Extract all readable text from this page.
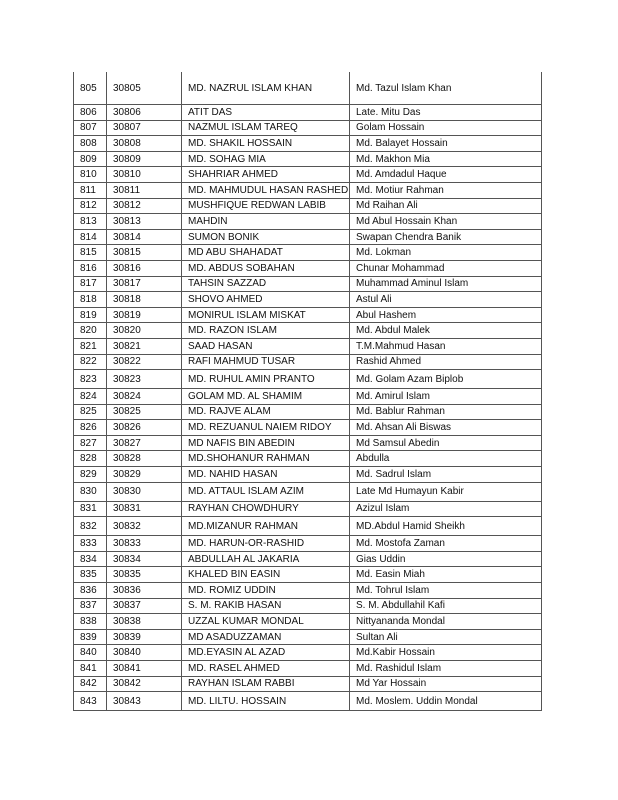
805	30805	MD. NAZRUL ISLAM KHAN	Md. Tazul Islam Khan
806	30806	ATIT DAS	Late. Mitu Das
807	30807	NAZMUL ISLAM TAREQ	Golam Hossain
808	30808	MD. SHAKIL HOSSAIN	Md. Balayet Hossain
809	30809	MD. SOHAG MIA	Md. Makhon Mia
810	30810	SHAHRIAR AHMED	Md. Amdadul Haque
811	30811	MD. MAHMUDUL HASAN RASHED	Md. Motiur Rahman
812	30812	MUSHFIQUE REDWAN LABIB	Md Raihan Ali
813	30813	MAHDIN	Md Abul Hossain Khan
814	30814	SUMON BONIK	Swapan Chendra Banik
815	30815	MD ABU SHAHADAT	Md. Lokman
816	30816	MD. ABDUS SOBAHAN	Chunar Mohammad
817	30817	TAHSIN SAZZAD	Muhammad Aminul Islam
818	30818	SHOVO AHMED	Astul Ali
819	30819	MONIRUL ISLAM MISKAT	Abul Hashem
820	30820	MD. RAZON ISLAM	Md. Abdul Malek
821	30821	SAAD HASAN	T.M.Mahmud Hasan
822	30822	RAFI MAHMUD TUSAR	Rashid Ahmed
823	30823	MD. RUHUL AMIN PRANTO	Md. Golam Azam Biplob
824	30824	GOLAM MD. AL SHAMIM	Md. Amirul Islam
825	30825	MD. RAJVE ALAM	Md. Bablur Rahman
826	30826	MD. REZUANUL NAIEM RIDOY	Md. Ahsan Ali Biswas
827	30827	MD NAFIS BIN ABEDIN	Md Samsul Abedin
828	30828	MD.SHOHANUR RAHMAN	Abdulla
829	30829	MD. NAHID HASAN	Md. Sadrul Islam
830	30830	MD. ATTAUL ISLAM AZIM	Late Md Humayun Kabir
831	30831	RAYHAN CHOWDHURY	Azizul Islam
832	30832	MD.MIZANUR RAHMAN	MD.Abdul Hamid Sheikh
833	30833	MD. HARUN-OR-RASHID	Md. Mostofa Zaman
834	30834	ABDULLAH AL JAKARIA	Gias Uddin
835	30835	KHALED BIN EASIN	Md. Easin Miah
836	30836	MD. ROMIZ UDDIN	Md. Tohrul Islam
837	30837	S. M. RAKIB HASAN	S. M. Abdullahil Kafi
838	30838	UZZAL KUMAR MONDAL	Nittyananda Mondal
839	30839	MD ASADUZZAMAN	Sultan Ali
840	30840	MD.EYASIN AL AZAD	Md.Kabir Hossain
841	30841	MD. RASEL AHMED	Md. Rashidul Islam
842	30842	RAYHAN ISLAM RABBI	Md Yar Hossain
843	30843	MD. LILTU. HOSSAIN	Md. Moslem. Uddin Mondal
